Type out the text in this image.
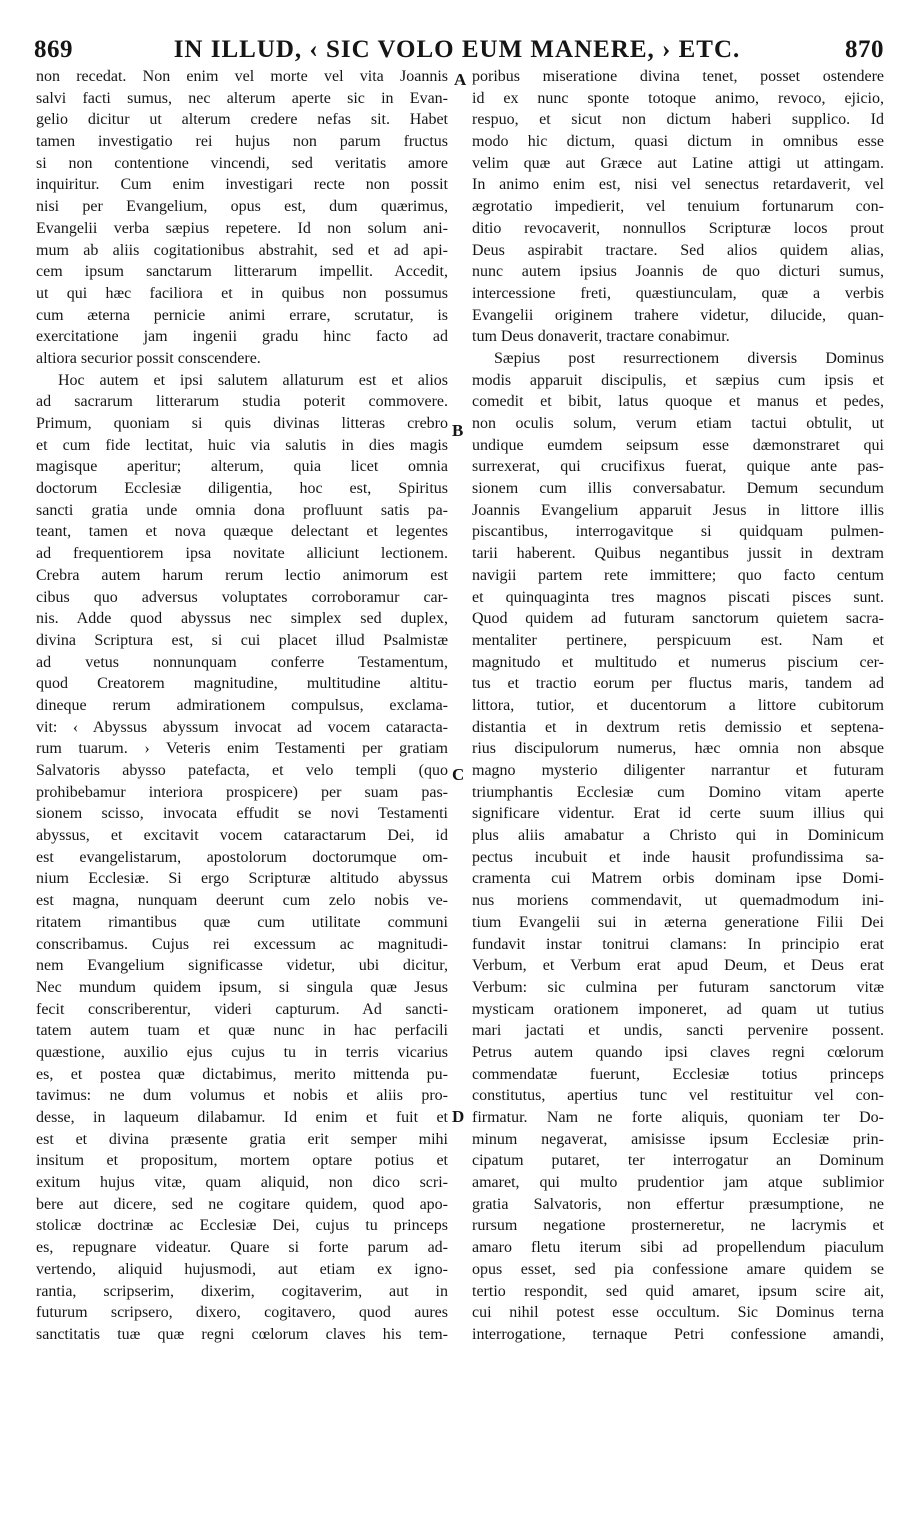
869	IN ILLUD, ‹ SIC VOLO EUM MANERE, › ETC.	870
non recedat. Non enim vel morte vel vita Joannis
salvi facti sumus, nec alterum aperte sic in Evan-
gelio dicitur ut alterum credere nefas sit. Habet
tamen investigatio rei hujus non parum fructus
si non contentione vincendi, sed veritatis amore
inquiritur. Cum enim investigari recte non possit
nisi per Evangelium, opus est, dum quærimus,
Evangelii verba sæpius repetere. Id non solum ani-
mum ab aliis cogitationibus abstrahit, sed et ad api-
cem ipsum sanctarum litterarum impellit. Accedit,
ut qui hæc faciliora et in quibus non possumus
cum æterna pernicie animi errare, scrutatur, is
exercitatione jam ingenii gradu hinc facto ad
altiora securior possit conscendere.
Hoc autem et ipsi salutem allaturum est et alios
ad sacrarum litterarum studia poterit commovere.
Primum, quoniam si quis divinas litteras crebro
et cum fide lectitat, huic via salutis in dies magis
magisque aperitur; alterum, quia licet omnia
doctorum Ecclesiæ diligentia, hoc est, Spiritus
sancti gratia unde omnia dona profluunt satis pa-
teant, tamen et nova quæque delectant et legentes
ad frequentiorem ipsa novitate alliciunt lectionem.
Crebra autem harum rerum lectio animorum est
cibus quo adversus voluptates corroboramur car-
nis. Adde quod abyssus nec simplex sed duplex,
divina Scriptura est, si cui placet illud Psalmistæ
ad vetus nonnunquam conferre Testamentum,
quod Creatorem magnitudine, multitudine altitu-
dineque rerum admirationem compulsus, exclama-
vit: ‹ Abyssus abyssum invocat ad vocem cataracta-
rum tuarum. › Veteris enim Testamenti per gratiam
Salvatoris abysso patefacta, et velo templi (quo
prohibebamur interiora prospicere) per suam pas-
sionem scisso, invocata effudit se novi Testamenti
abyssus, et excitavit vocem cataractarum Dei, id
est evangelistarum, apostolorum doctorumque om-
nium Ecclesiæ. Si ergo Scripturæ altitudo abyssus
est magna, nunquam deerunt cum zelo nobis ve-
ritatem rimantibus quæ cum utilitate communi
conscribamus. Cujus rei excessum ac magnitudi-
nem Evangelium significasse videtur, ubi dicitur,
Nec mundum quidem ipsum, si singula quæ Jesus
fecit conscriberentur, videri capturum. Ad sancti-
tatem autem tuam et quæ nunc in hac perfacili
quæstione, auxilio ejus cujus tu in terris vicarius
es, et postea quæ dictabimus, merito mittenda pu-
tavimus: ne dum volumus et nobis et aliis pro-
desse, in laqueum dilabamur. Id enim et fuit et
est et divina præsente gratia erit semper mihi
insitum et propositum, mortem optare potius et
exitum hujus vitæ, quam aliquid, non dico scri-
bere aut dicere, sed ne cogitare quidem, quod apo-
stolicæ doctrinæ ac Ecclesiæ Dei, cujus tu princeps
es, repugnare videatur. Quare si forte parum ad-
vertendo, aliquid hujusmodi, aut etiam ex igno-
rantia, scripserim, dixerim, cogitaverim, aut in
futurum scripsero, dixero, cogitavero, quod aures
sanctitatis tuæ quæ regni cœlorum claves his tem-
A
B
C
D
poribus miseratione divina tenet, posset ostendere
id ex nunc sponte totoque animo, revoco, ejicio,
respuo, et sicut non dictum haberi supplico. Id
modo hic dictum, quasi dictum in omnibus esse
velim quæ aut Græce aut Latine attigi ut attingam.
In animo enim est, nisi vel senectus retardaverit, vel
ægrotatio impedierit, vel tenuium fortunarum con-
ditio revocaverit, nonnullos Scripturæ locos prout
Deus aspirabit tractare. Sed alios quidem alias,
nunc autem ipsius Joannis de quo dicturi sumus,
intercessione freti, quæstiunculam, quæ a verbis
Evangelii originem trahere videtur, dilucide, quan-
tum Deus donaverit, tractare conabimur.
Sæpius post resurrectionem diversis Dominus
modis apparuit discipulis, et sæpius cum ipsis et
comedit et bibit, latus quoque et manus et pedes,
non oculis solum, verum etiam tactui obtulit, ut
undique eumdem seipsum esse dæmonstraret qui
surrexerat, qui crucifixus fuerat, quique ante pas-
sionem cum illis conversabatur. Demum secundum
Joannis Evangelium apparuit Jesus in littore illis
piscantibus, interrogavitque si quidquam pulmen-
tarii haberent. Quibus negantibus jussit in dextram
navigii partem rete immittere; quo facto centum
et quinquaginta tres magnos piscati pisces sunt.
Quod quidem ad futuram sanctorum quietem sacra-
mentaliter pertinere, perspicuum est. Nam et
magnitudo et multitudo et numerus piscium cer-
tus et tractio eorum per fluctus maris, tandem ad
littora, tutior, et ducentorum a littore cubitorum
distantia et in dextrum retis demissio et septena-
rius discipulorum numerus, hæc omnia non absque
magno mysterio diligenter narrantur et futuram
triumphantis Ecclesiæ cum Domino vitam aperte
significare videntur. Erat id certe suum illius qui
plus aliis amabatur a Christo qui in Dominicum
pectus incubuit et inde hausit profundissima sa-
cramenta cui Matrem orbis dominam ipse Domi-
nus moriens commendavit, ut quemadmodum ini-
tium Evangelii sui in æterna generatione Filii Dei
fundavit instar tonitrui clamans: In principio erat
Verbum, et Verbum erat apud Deum, et Deus erat
Verbum: sic culmina per futuram sanctorum vitæ
mysticam orationem imponeret, ad quam ut tutius
mari jactati et undis, sancti pervenire possent.
Petrus autem quando ipsi claves regni cœlorum
commendatæ fuerunt, Ecclesiæ totius princeps
constitutus, apertius tunc vel restituitur vel con-
firmatur. Nam ne forte aliquis, quoniam ter Do-
minum negaverat, amisisse ipsum Ecclesiæ prin-
cipatum putaret, ter interrogatur an Dominum
amaret, qui multo prudentior jam atque sublimior
gratia Salvatoris, non effertur præsumptione, ne
rursum negatione prosterneretur, ne lacrymis et
amaro fletu iterum sibi ad propellendum piaculum
opus esset, sed pia confessione amare quidem se
tertio respondit, sed quid amaret, ipsum scire ait,
cui nihil potest esse occultum. Sic Dominus terna
interrogatione, ternaque Petri confessione amandi,
